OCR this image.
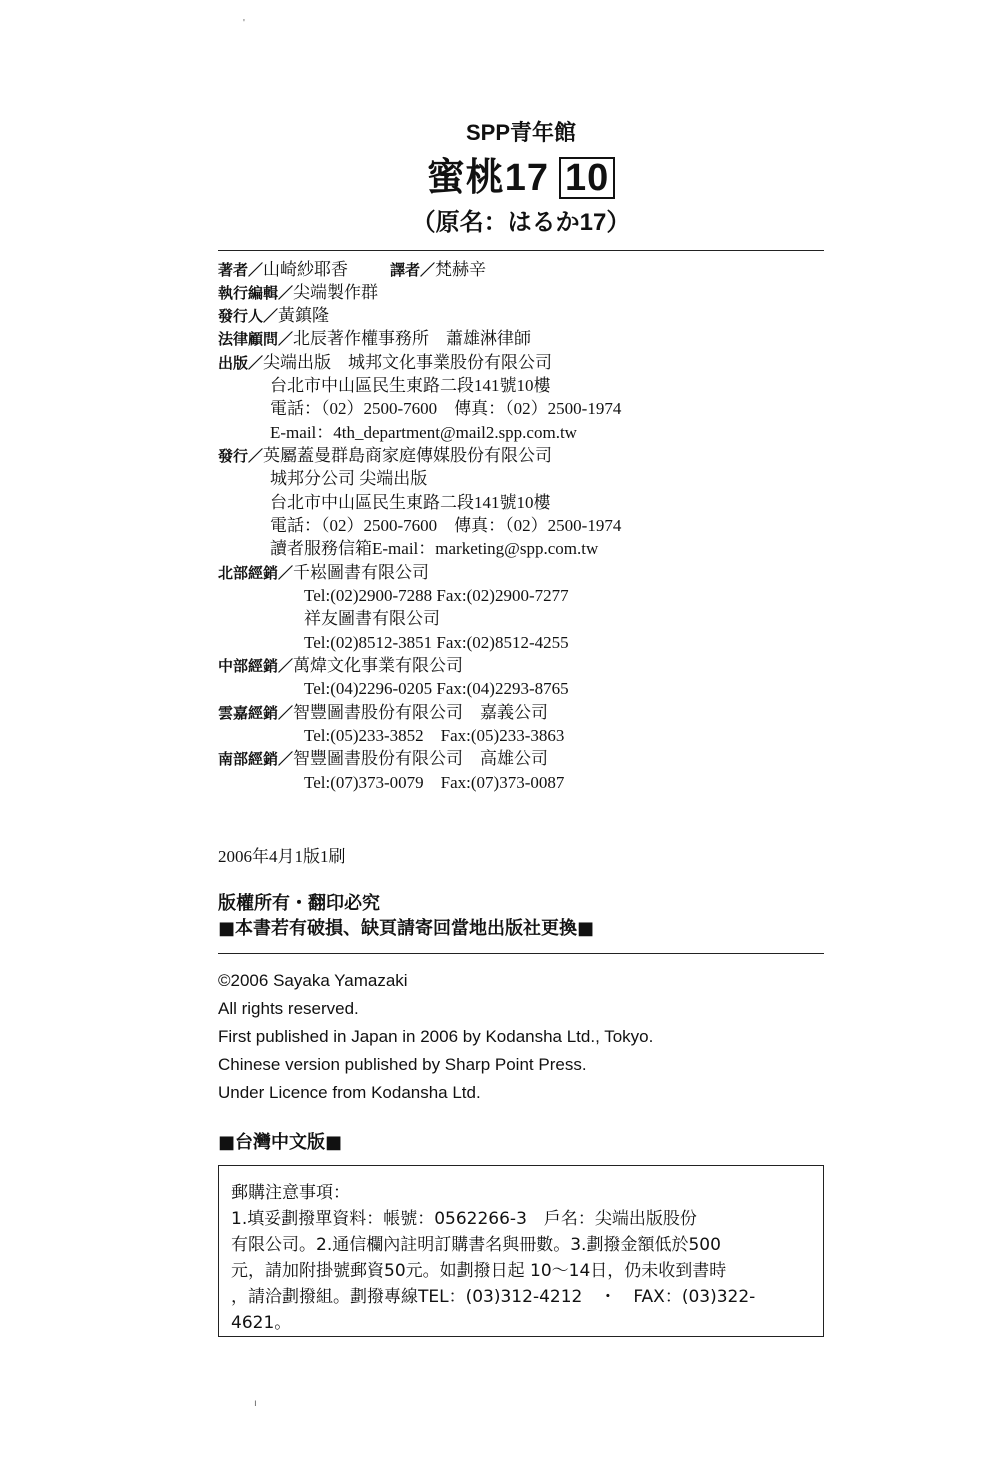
SPP青年館
蜜桃17 10
（原名：はるか17）
著者／山崎紗耶香	譯者／梵赫辛
執行編輯／尖端製作群
發行人／黃鎮隆
法律顧問／北辰著作權事務所　蕭雄淋律師
出版／尖端出版　城邦文化事業股份有限公司
台北市中山區民生東路二段141號10樓
電話：（02）2500-7600　傳真：（02）2500-1974
E-mail：4th_department@mail2.spp.com.tw
發行／英屬蓋曼群島商家庭傳媒股份有限公司
城邦分公司 尖端出版
台北市中山區民生東路二段141號10樓
電話：（02）2500-7600　傳真：（02）2500-1974
讀者服務信箱E-mail：marketing@spp.com.tw
北部經銷／千崧圖書有限公司
Tel:(02)2900-7288 Fax:(02)2900-7277
祥友圖書有限公司
Tel:(02)8512-3851 Fax:(02)8512-4255
中部經銷／萬煒文化事業有限公司
Tel:(04)2296-0205 Fax:(04)2293-8765
雲嘉經銷／智豐圖書股份有限公司　嘉義公司
Tel:(05)233-3852　Fax:(05)233-3863
南部經銷／智豐圖書股份有限公司　高雄公司
Tel:(07)373-0079　Fax:(07)373-0087
2006年4月1版1刷
版權所有・翻印必究
■本書若有破損、缺頁請寄回當地出版社更換■
©2006 Sayaka Yamazaki
All rights reserved.
First published in Japan in 2006 by Kodansha Ltd., Tokyo.
Chinese version published by Sharp Point Press.
Under Licence from Kodansha Ltd.
■台灣中文版■

郵購注意事項：

1.填妥劃撥單資料：帳號：0562266-3　戶名：尖端出版股份

有限公司。2.通信欄內註明訂購書名與冊數。3.劃撥金額低於500

元，請加附掛號郵資50元。如劃撥日起 10～14日，仍未收到書時

，請洽劃撥組。劃撥專線TEL：(03)312-4212　・　FAX：(03)322-

4621。

'
ı
